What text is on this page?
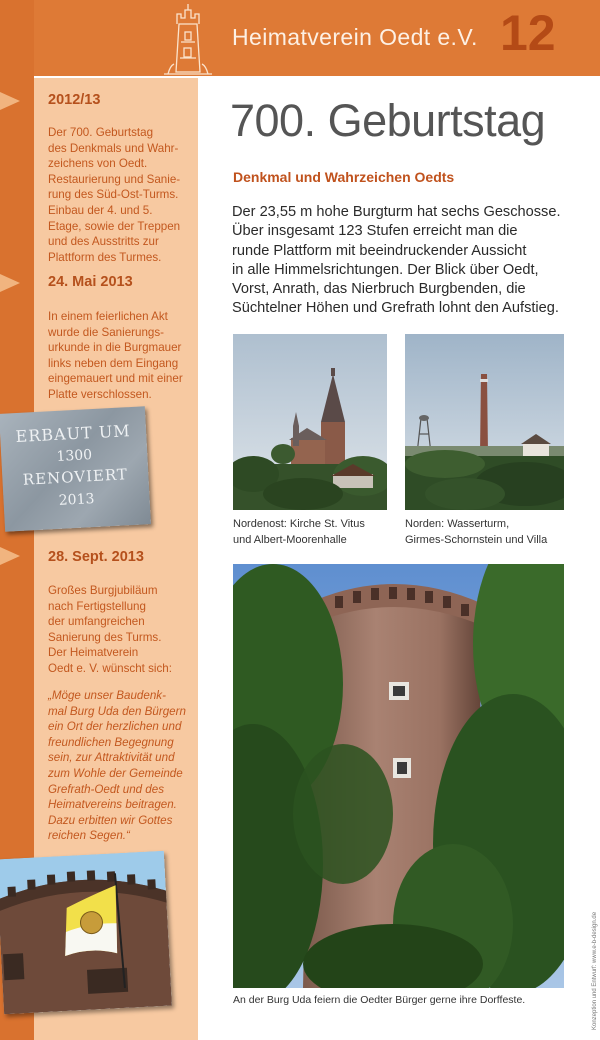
Heimatverein Oedt e.V. 12
2012/13
Der 700. Geburtstag
des Denkmals und Wahr-
zeichens von Oedt.
Restaurierung und Sanie-
rung des Süd-Ost-Turms.
Einbau der 4. und 5.
Etage, sowie der Treppen
und des Ausstritts zur
Plattform des Turmes.
24. Mai 2013
In einem feierlichen Akt
wurde die Sanierungs-
urkunde in die Burgmauer
links neben dem Eingang
eingemauert und mit einer
Platte verschlossen.
ERBAUT UM
1300
RENOVIERT
2013
28. Sept. 2013
Großes Burgjubiläum
nach Fertigstellung
der umfangreichen
Sanierung des Turms.
Der Heimatverein
Oedt e. V. wünscht sich:
„Möge unser Baudenk-
mal Burg Uda den Bürgern
ein Ort der herzlichen und
freundlichen Begegnung
sein, zur Attraktivität und
zum Wohle der Gemeinde
Grefrath-Oedt und des
Heimatvereins beitragen.
Dazu erbitten wir Gottes
reichen Segen.“
700. Geburtstag
Denkmal und Wahrzeichen Oedts
Der 23,55 m hohe Burgturm hat sechs Geschosse.
Über insgesamt 123 Stufen erreicht man die
runde Plattform mit beeindruckender Aussicht
in alle Himmelsrichtungen. Der Blick über Oedt,
Vorst, Anrath, das Nierbruch Burgbenden, die
Süchtelner Höhen und Grefrath lohnt den Aufstieg.
Nordenost: Kirche St. Vitus
und Albert-Moorenhalle
Norden: Wasserturm,
Girmes-Schornstein und Villa
An der Burg Uda feiern die Oedter Bürger gerne ihre Dorffeste.	Konzeption und Entwurf: www.e-b-design.de
